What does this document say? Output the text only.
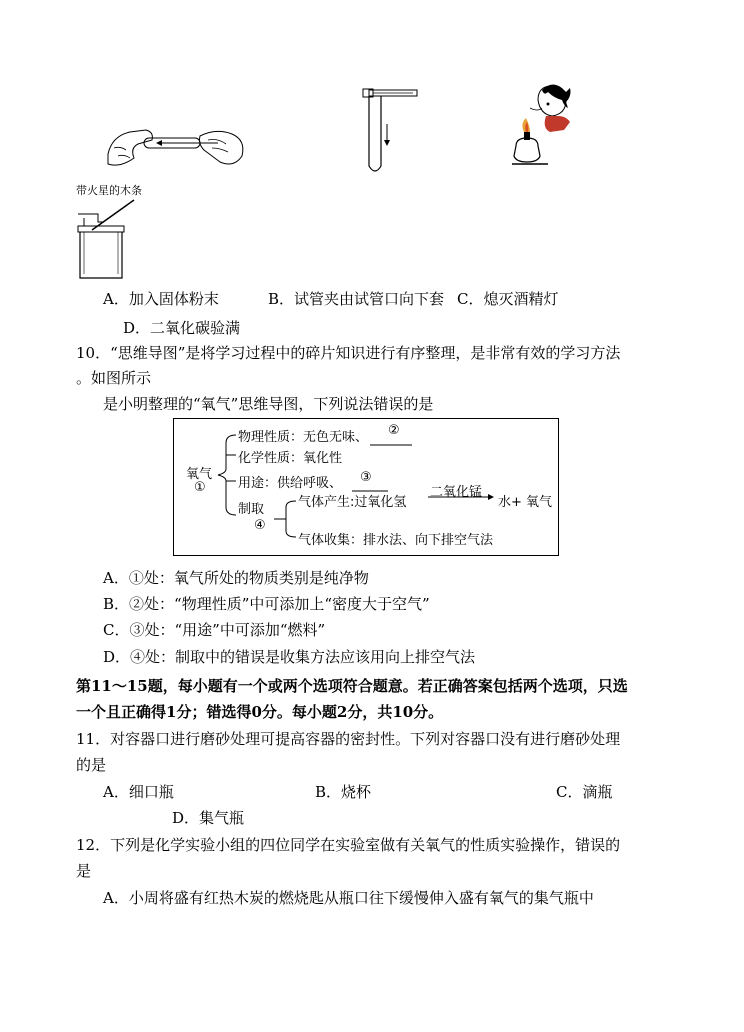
带火星的木条
A．加入固体粉末	B．试管夹由试管口向下套 C．熄灭酒精灯
D．二氧化碳验满
10．“思维导图”是将学习过程中的碎片知识进行有序整理，是非常有效的学习方法
。如图所示
是小明整理的“氧气”思维导图，下列说法错误的是
氧气
①
物理性质：无色无味、 ②
化学性质：氧化性
用途：供给呼吸、 ③
制取
④
气体产生:过氧化氢
二氧化锰
水+ 氧气
气体收集：排水法、向下排空气法
A．①处：氧气所处的物质类别是纯净物
B．②处：“物理性质”中可添加上“密度大于空气”
C．③处：“用途”中可添加“燃料”
D．④处：制取中的错误是收集方法应该用向上排空气法
第11～15题，每小题有一个或两个选项符合题意。若正确答案包括两个选项，只选
一个且正确得1分；错选得0分。每小题2分，共10分。
11．对容器口进行磨砂处理可提高容器的密封性。下列对容器口没有进行磨砂处理
的是
A．细口瓶	B．烧杯	C．滴瓶
D．集气瓶
12．下列是化学实验小组的四位同学在实验室做有关氧气的性质实验操作，错误的
是
A．小周将盛有红热木炭的燃烧匙从瓶口往下缓慢伸入盛有氧气的集气瓶中
